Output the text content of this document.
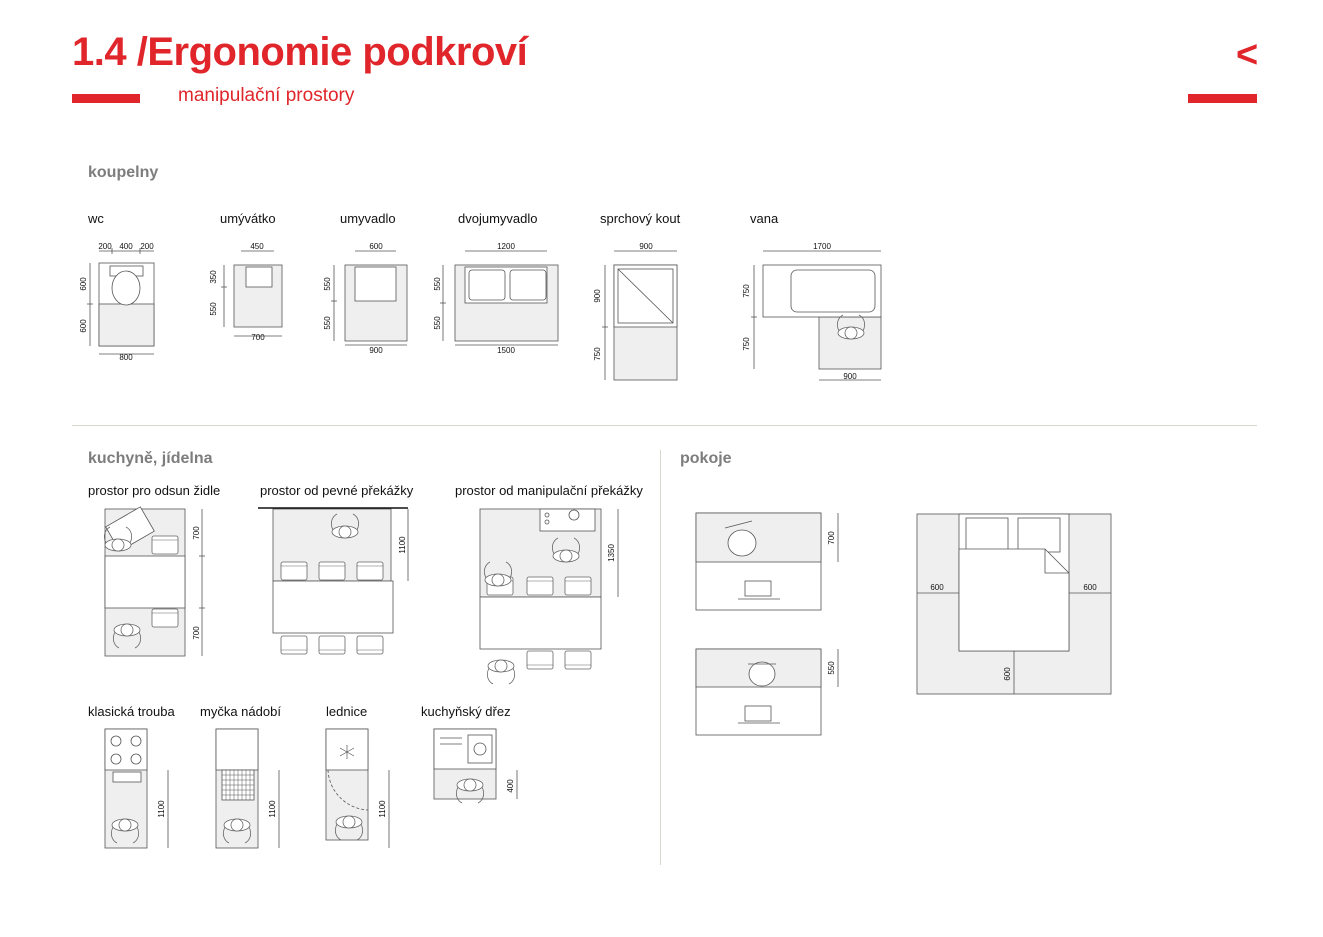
1.4 /Ergonomie podkroví
manipulační prostory
<
koupelny
kuchyně, jídelna	pokoje
wc	umývátko	umyvadlo	dvojumyvadlo	sprchový kout	vana
prostor pro odsun židle	prostor od pevné překážky	prostor od manipulační překážky
klasická trouba myčka nádobí	lednice	kuchyňský dřez
200 400 200
600
600
800
450
350
550
700
600
550
550
900
1200
550
550
1500
900
900
750
1700
750
750
900
700
700
1100	1350
1100	1100	1100
400
700
550
600	600
600
